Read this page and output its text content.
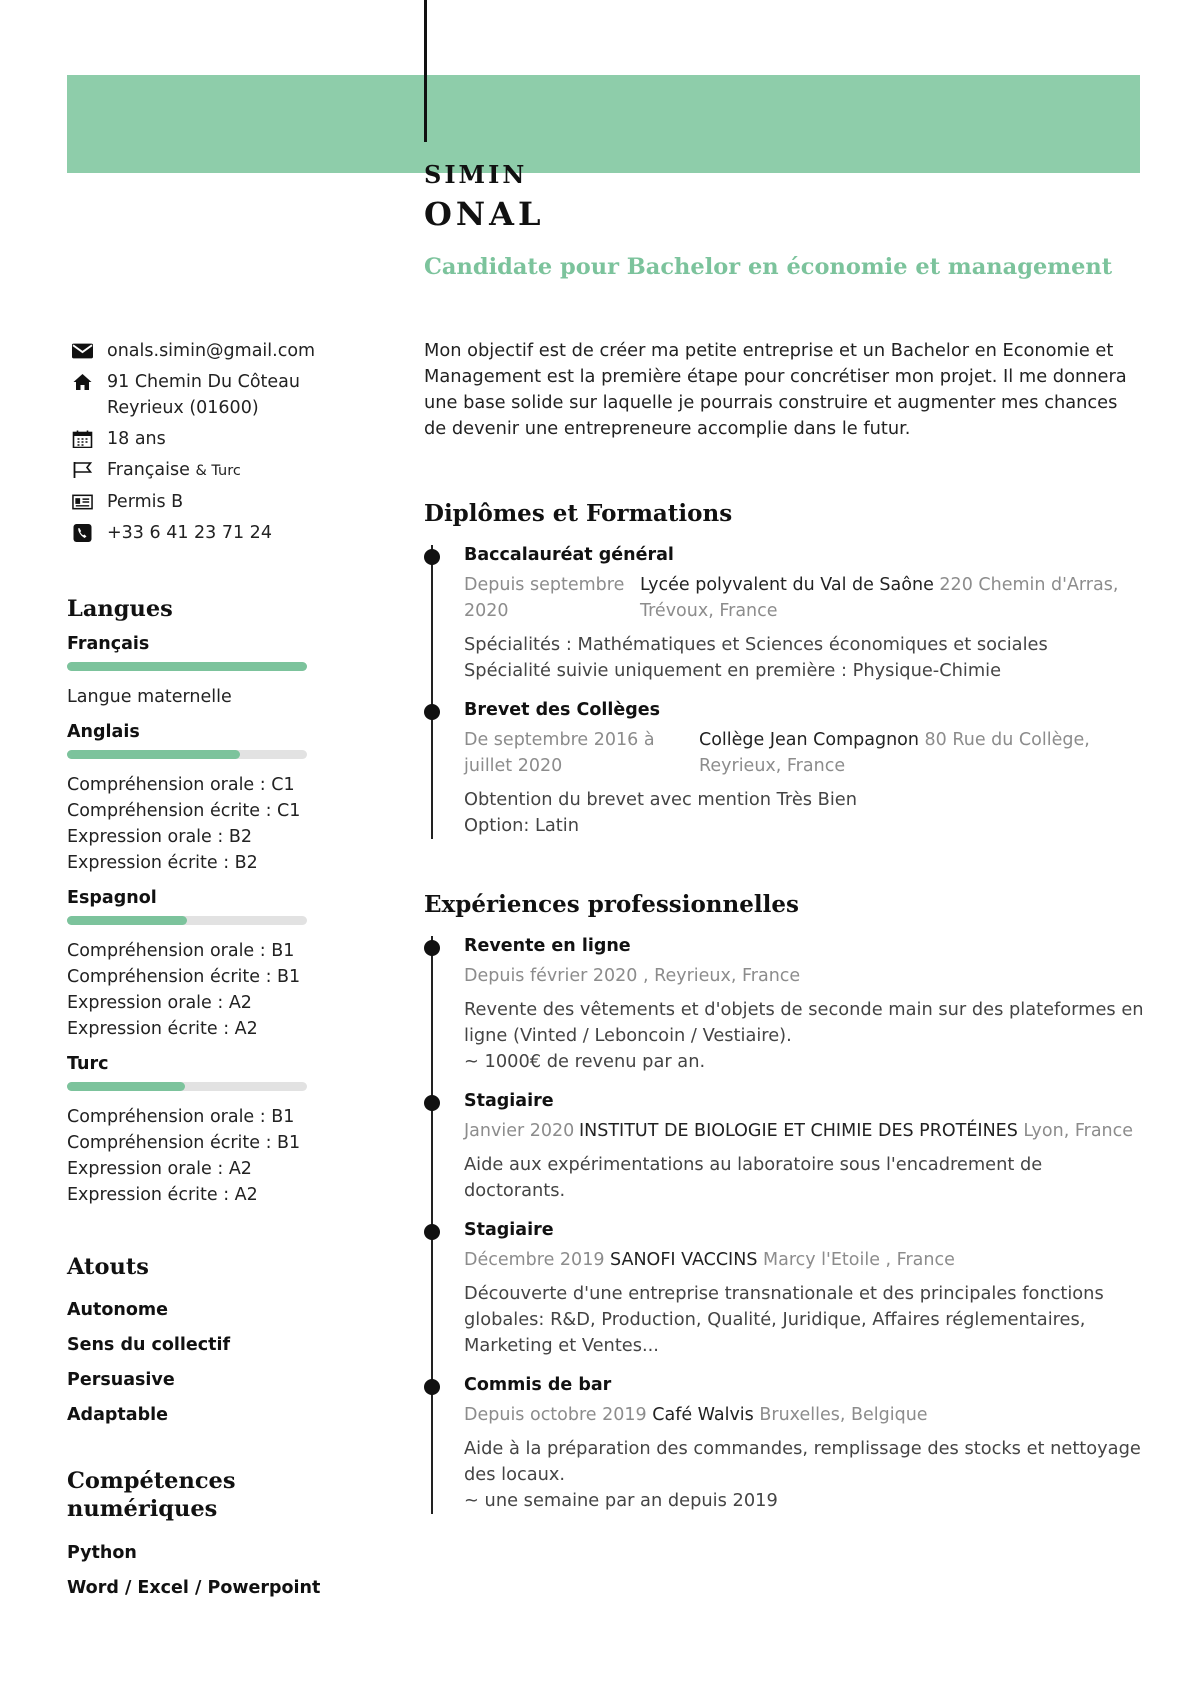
SIMIN
ONAL
Candidate pour Bachelor en économie et management
onals.simin@gmail.com
91 Chemin Du Côteau
Reyrieux (01600)
18 ans
Française & Turc
Permis B
+33 6 41 23 71 24
Langues
Français
Langue maternelle
Anglais
Compréhension orale : C1
Compréhension écrite : C1
Expression orale : B2
Expression écrite : B2
Espagnol
Compréhension orale : B1
Compréhension écrite : B1
Expression orale : A2
Expression écrite : A2
Turc
Compréhension orale : B1
Compréhension écrite : B1
Expression orale : A2
Expression écrite : A2
Atouts
Autonome
Sens du collectif
Persuasive
Adaptable
Compétences
numériques
Python
Word / Excel / Powerpoint

Mon objectif est de créer ma petite entreprise et un Bachelor en Economie et Management est la première étape pour concrétiser mon projet. Il me donnera une base solide sur laquelle je pourrais construire et augmenter mes chances de devenir une entrepreneure accomplie dans le futur.

Diplômes et Formations
Baccalauréat général
Depuis septembre 2020
Lycée polyvalent du Val de Saône 220 Chemin d'Arras, Trévoux, France
Spécialités : Mathématiques et Sciences économiques et sociales
Spécialité suivie uniquement en première : Physique-Chimie
Brevet des Collèges
De septembre 2016 à juillet 2020
Collège Jean Compagnon 80 Rue du Collège, Reyrieux, France
Obtention du brevet avec mention Très Bien
Option: Latin
Expériences professionnelles
Revente en ligne
Depuis février 2020 , Reyrieux, France
Revente des vêtements et d'objets de seconde main sur des plateformes en ligne (Vinted / Leboncoin / Vestiaire).
~ 1000€ de revenu par an.
Stagiaire
Janvier 2020 INSTITUT DE BIOLOGIE ET CHIMIE DES PROTÉINES Lyon, France
Aide aux expérimentations au laboratoire sous l'encadrement de doctorants.
Stagiaire
Décembre 2019 SANOFI VACCINS Marcy l'Etoile , France
Découverte d'une entreprise transnationale et des principales fonctions globales: R&D, Production, Qualité, Juridique, Affaires réglementaires, Marketing et Ventes...
Commis de bar
Depuis octobre 2019 Café Walvis Bruxelles, Belgique
Aide à la préparation des commandes, remplissage des stocks et nettoyage des locaux.
~ une semaine par an depuis 2019
